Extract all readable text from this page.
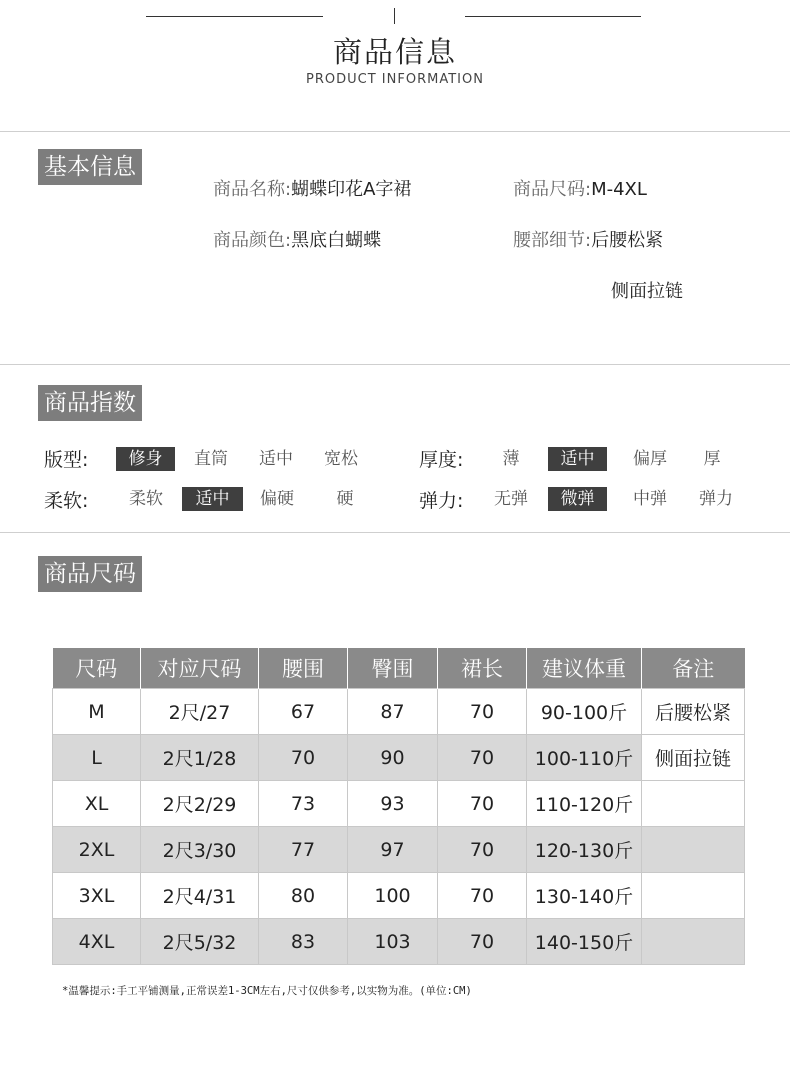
商品信息
PRODUCT INFORMATION
基本信息
商品名称:蝴蝶印花A字裙	商品尺码:M-4XL
商品颜色:黑底白蝴蝶	腰部细节:后腰松紧
侧面拉链
商品指数
版型:	修身	直筒	适中	宽松	厚度:	薄	适中	偏厚	厚
柔软:	柔软	适中	偏硬	硬	弹力:	无弹	微弹	中弹	弹力
商品尺码
尺码	对应尺码	腰围	臀围	裙长	建议体重	备注
M	2尺/27	67	87	70	90-100斤	后腰松紧
L	2尺1/28	70	90	70	100-110斤	侧面拉链
XL	2尺2/29	73	93	70	110-120斤	
2XL	2尺3/30	77	97	70	120-130斤	
3XL	2尺4/31	80	100	70	130-140斤	
4XL	2尺5/32	83	103	70	140-150斤	
*温馨提示:手工平铺测量,正常误差1-3CM左右,尺寸仅供参考,以实物为准。(单位:CM)
